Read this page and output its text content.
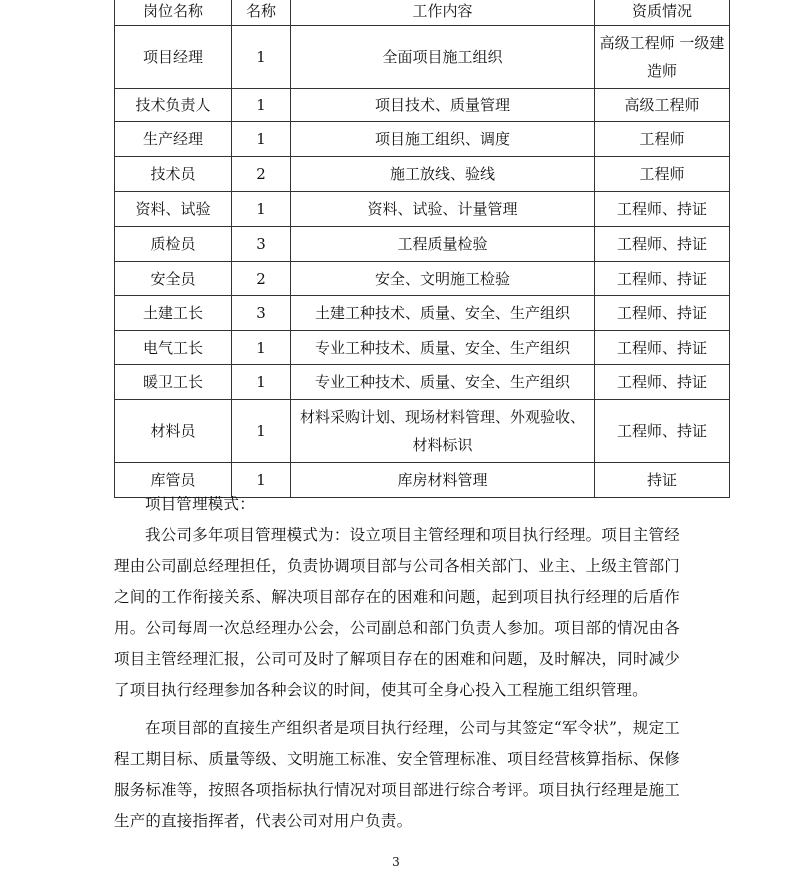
岗位名称	名称	工作内容	资质情况
项目经理	1	全面项目施工组织	高级工程师 一级建造师
技术负责人	1	项目技术、质量管理	高级工程师
生产经理	1	项目施工组织、调度	工程师
技术员	2	施工放线、验线	工程师
资料、试验	1	资料、试验、计量管理	工程师、持证
质检员	3	工程质量检验	工程师、持证
安全员	2	安全、文明施工检验	工程师、持证
土建工长	3	土建工种技术、质量、安全、生产组织	工程师、持证
电气工长	1	专业工种技术、质量、安全、生产组织	工程师、持证
暖卫工长	1	专业工种技术、质量、安全、生产组织	工程师、持证
材料员	1	材料采购计划、现场材料管理、外观验收、材料标识	工程师、持证
库管员	1	库房材料管理	持证

项目管理模式：

我公司多年项目管理模式为：设立项目主管经理和项目执行经理。项目主管经理由公司副总经理担任，负责协调项目部与公司各相关部门、业主、上级主管部门之间的工作衔接关系、解决项目部存在的困难和问题，起到项目执行经理的后盾作用。公司每周一次总经理办公会，公司副总和部门负责人参加。项目部的情况由各项目主管经理汇报，公司可及时了解项目存在的困难和问题，及时解决，同时减少了项目执行经理参加各种会议的时间，使其可全身心投入工程施工组织管理。

在项目部的直接生产组织者是项目执行经理，公司与其签定“军令状”，规定工程工期目标、质量等级、文明施工标准、安全管理标准、项目经营核算指标、保修服务标准等，按照各项指标执行情况对项目部进行综合考评。项目执行经理是施工生产的直接指挥者，代表公司对用户负责。

3
